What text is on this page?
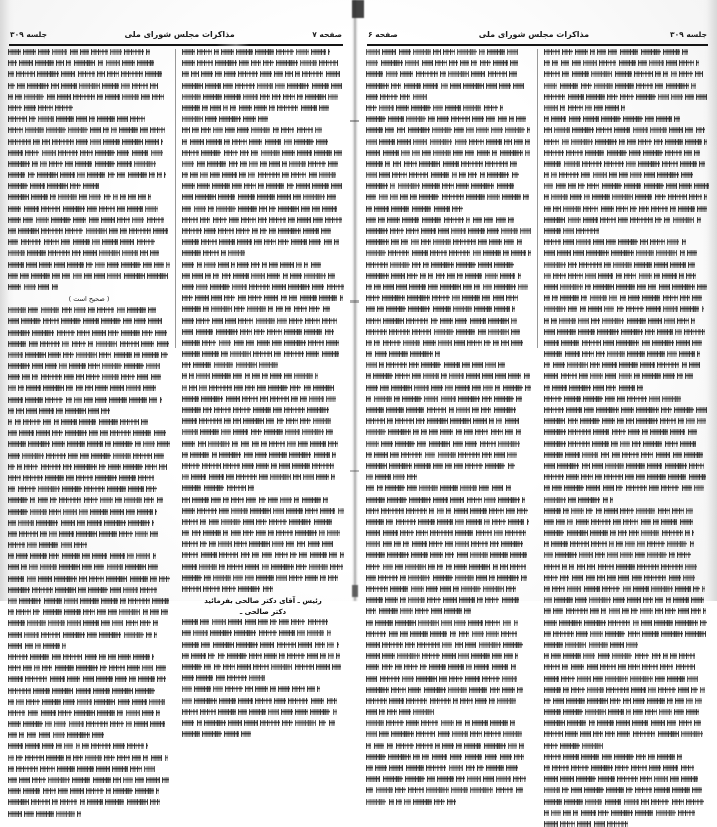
صفحه ۷
مذاکرات مجلس شورای ملی
جلسه ۳۰۹
( صحیح است )
رئیس ـ آقای دکتر صالحی بفرمائید
دکتر صالحی ـ
جلسه ۳۰۹
مذاکرات مجلس شورای ملی
صفحه ۶
